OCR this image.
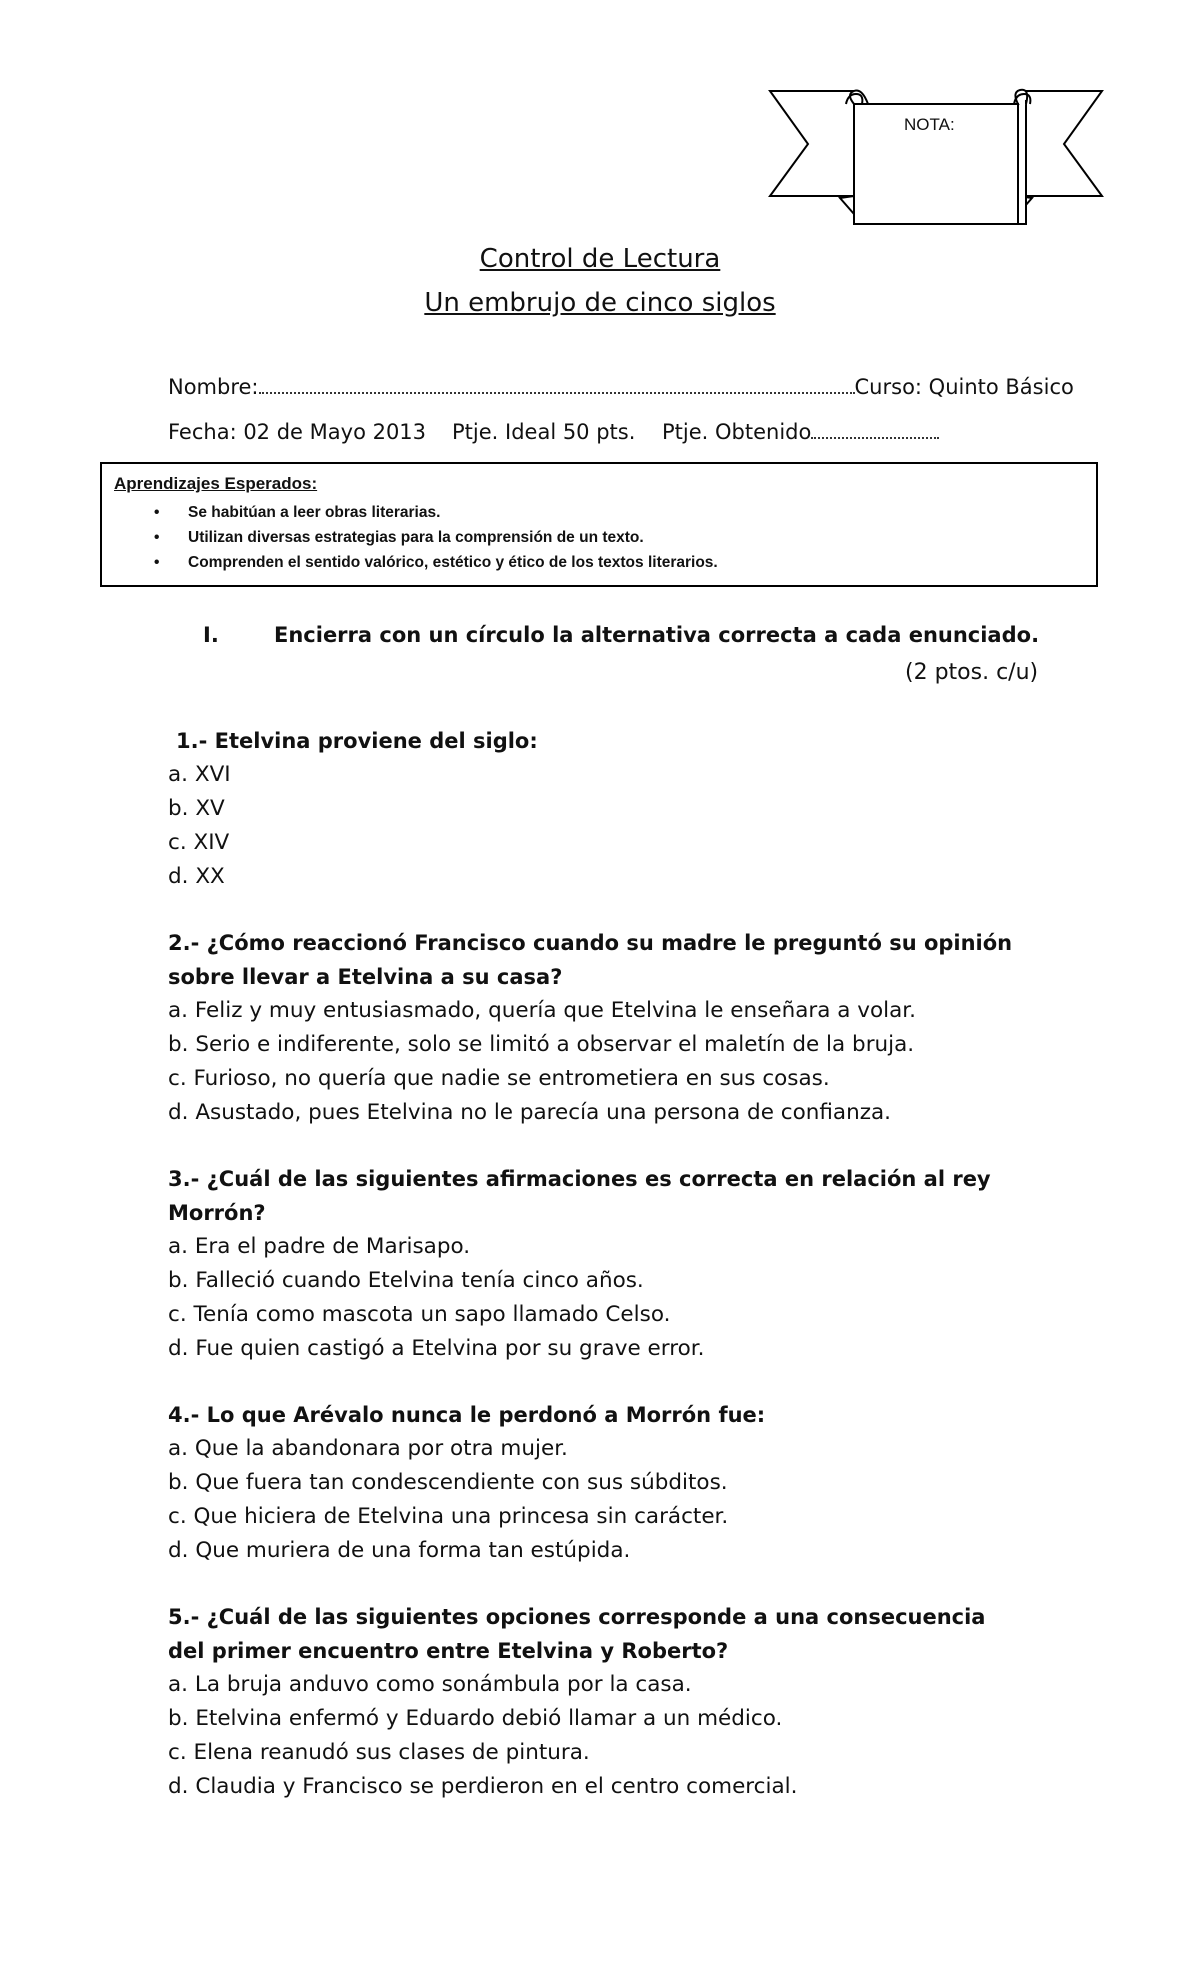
NOTA:
Control de Lectura
Un embrujo de cinco siglos
Nombre:	Curso: Quinto Básico
Fecha: 02 de Mayo 2013 Ptje. Ideal 50 pts. Ptje. Obtenido
Aprendizajes Esperados:
• Se habitúan a leer obras literarias.
• Utilizan diversas estrategias para la comprensión de un texto.
• Comprenden el sentido valórico, estético y ético de los textos literarios.
I.	Encierra con un círculo la alternativa correcta a cada enunciado.
(2 ptos. c/u)
1.- Etelvina proviene del siglo:
a. XVI
b. XV
c. XIV
d. XX
2.- ¿Cómo reaccionó Francisco cuando su madre le preguntó su opinión sobre llevar a Etelvina a su casa?
a. Feliz y muy entusiasmado, quería que Etelvina le enseñara a volar.
b. Serio e indiferente, solo se limitó a observar el maletín de la bruja.
c. Furioso, no quería que nadie se entrometiera en sus cosas.
d. Asustado, pues Etelvina no le parecía una persona de confianza.
3.- ¿Cuál de las siguientes afirmaciones es correcta en relación al rey Morrón?
a. Era el padre de Marisapo.
b. Falleció cuando Etelvina tenía cinco años.
c. Tenía como mascota un sapo llamado Celso.
d. Fue quien castigó a Etelvina por su grave error.
4.- Lo que Arévalo nunca le perdonó a Morrón fue:
a. Que la abandonara por otra mujer.
b. Que fuera tan condescendiente con sus súbditos.
c. Que hiciera de Etelvina una princesa sin carácter.
d. Que muriera de una forma tan estúpida.
5.- ¿Cuál de las siguientes opciones corresponde a una consecuencia del primer encuentro entre Etelvina y Roberto?
a. La bruja anduvo como sonámbula por la casa.
b. Etelvina enfermó y Eduardo debió llamar a un médico.
c. Elena reanudó sus clases de pintura.
d. Claudia y Francisco se perdieron en el centro comercial.
